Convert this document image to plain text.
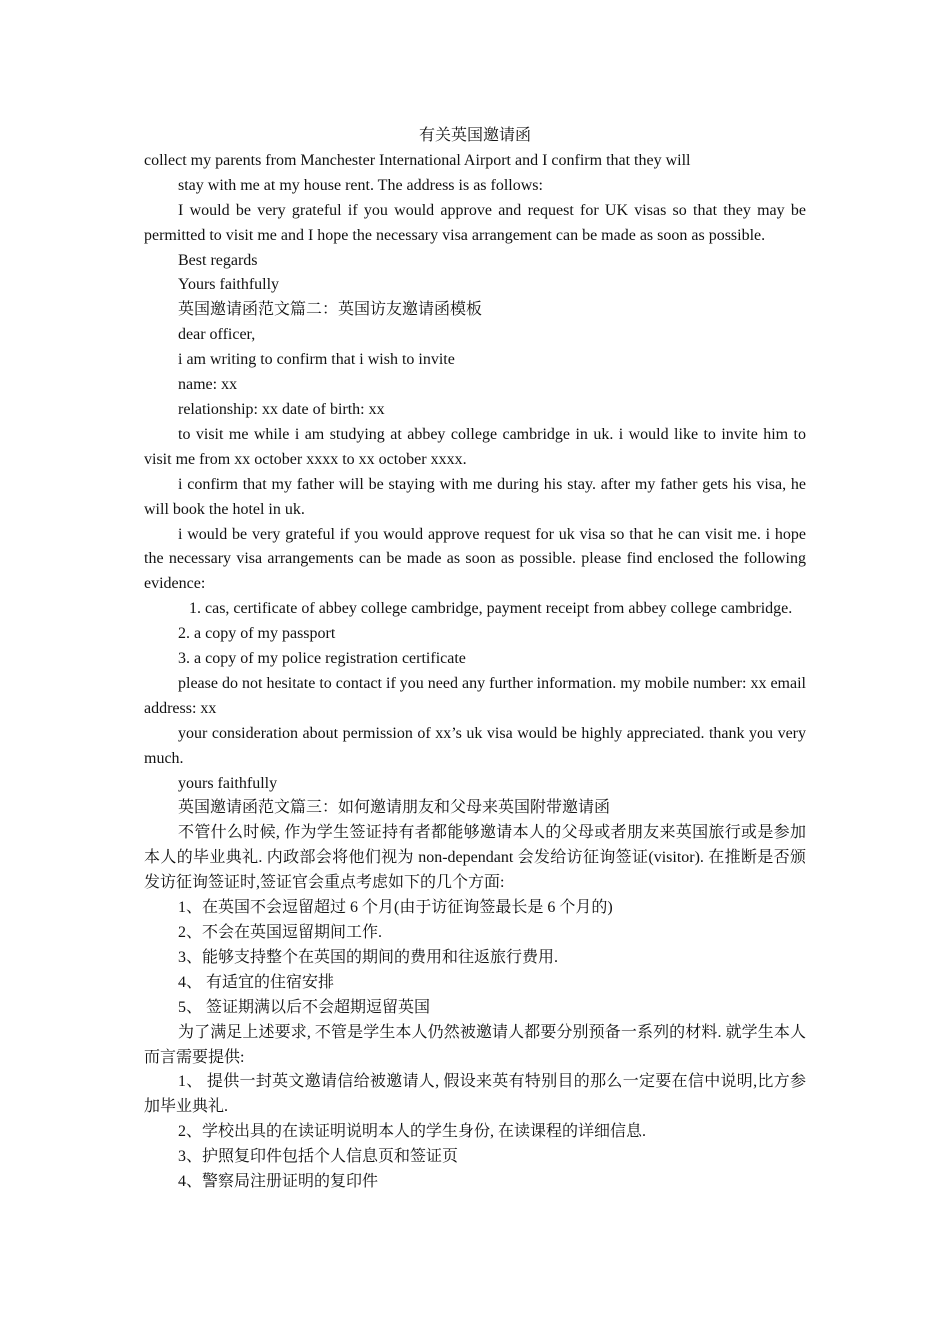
有关英国邀请函

collect my parents from Manchester International Airport and I confirm that they will

stay with me at my house rent. The address is as follows:

I would be very grateful if you would approve and request for UK visas so that they may be permitted to visit me and I hope the necessary visa arrangement can be made as soon as possible.

Best regards

Yours faithfully

英国邀请函范文篇二：英国访友邀请函模板

dear officer,

i am writing to confirm that i wish to invite

name: xx

relationship: xx date of birth: xx

to visit me while i am studying at abbey college cambridge in uk. i would like to invite him to visit me from xx october xxxx to xx october xxxx.

i confirm that my father will be staying with me during his stay. after my father gets his visa, he will book the hotel in uk.

i would be very grateful if you would approve request for uk visa so that he can visit me. i hope the necessary visa arrangements can be made as soon as possible. please find enclosed the following evidence:

1. cas, certificate of abbey college cambridge, payment receipt from abbey college cambridge.

2. a copy of my passport

3. a copy of my police registration certificate

please do not hesitate to contact if you need any further information. my mobile number: xx email address: xx

your consideration about permission of xx’s uk visa would be highly appreciated. thank you very much.

yours faithfully

英国邀请函范文篇三：如何邀请朋友和父母来英国附带邀请函

不管什么时候, 作为学生签证持有者都能够邀请本人的父母或者朋友来英国旅行或是参加本人的毕业典礼. 内政部会将他们视为 non-dependant 会发给访征询签证(visitor). 在推断是否颁发访征询签证时,签证官会重点考虑如下的几个方面:

1、在英国不会逗留超过 6 个月(由于访征询签最长是 6 个月的)

2、不会在英国逗留期间工作.

3、能够支持整个在英国的期间的费用和往返旅行费用.

4、 有适宜的住宿安排

5、 签证期满以后不会超期逗留英国

为了满足上述要求, 不管是学生本人仍然被邀请人都要分别预备一系列的材料. 就学生本人而言需要提供:

1、 提供一封英文邀请信给被邀请人, 假设来英有特别目的那么一定要在信中说明,比方参加毕业典礼.

2、学校出具的在读证明说明本人的学生身份, 在读课程的详细信息.

3、护照复印件包括个人信息页和签证页

4、警察局注册证明的复印件
